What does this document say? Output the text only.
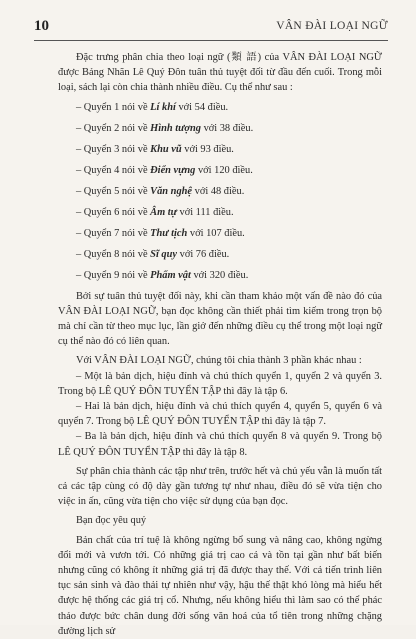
10	VÂN ĐÀI LOẠI NGỮ

Đặc trưng phân chia theo loại ngữ (類 語) của VÂN ĐÀI LOẠI NGỮ được Bảng Nhãn Lê Quý Đôn tuân thủ tuyệt đối từ đầu đến cuối. Trong mỗi loại, sách lại còn chia thành nhiều điều. Cụ thể như sau :

– Quyển 1 nói về Lí khí với 54 điều.

– Quyển 2 nói về Hình tượng với 38 điều.

– Quyển 3 nói về Khu vũ với 93 điều.

– Quyển 4 nói về Điển vựng với 120 điều.

– Quyển 5 nói về Văn nghệ với 48 điều.

– Quyển 6 nói về Âm tự với 111 điều.

– Quyển 7 nói về Thư tịch với 107 điều.

– Quyển 8 nói về Sĩ quy với 76 điều.

– Quyển 9 nói về Phẩm vật với 320 điều.

Bởi sự tuân thủ tuyệt đối này, khi cần tham khảo một vấn đề nào đó của VÂN ĐÀI LOẠI NGỮ, bạn đọc không cần thiết phải tìm kiếm trong trọn bộ mà chỉ cần từ theo mục lục, lần giở đến những điều cụ thể trong một loại ngữ cụ thể nào đó có liên quan.

Với VÂN ĐÀI LOẠI NGỮ, chúng tôi chia thành 3 phần khác nhau :

– Một là bản dịch, hiệu đính và chú thích quyển 1, quyển 2 và quyển 3. Trong bộ LÊ QUÝ ĐÔN TUYỂN TẬP thì đây là tập 6.

– Hai là bản dịch, hiệu đính và chú thích quyển 4, quyển 5, quyển 6 và quyển 7. Trong bộ LÊ QUÝ ĐÔN TUYỂN TẬP thì đây là tập 7.

– Ba là bản dịch, hiệu đính và chú thích quyển 8 và quyển 9. Trong bộ LÊ QUÝ ĐÔN TUYỂN TẬP thì đây là tập 8.

Sự phân chia thành các tập như trên, trước hết và chủ yếu vẫn là muốn tất cả các tập cùng có độ dày gần tương tự như nhau, điều đó sẽ vừa tiện cho việc in ấn, cũng vừa tiện cho việc sử dụng của bạn đọc.

Bạn đọc yêu quý

Bản chất của trí tuệ là không ngừng bổ sung và nâng cao, không ngừng đổi mới và vươn tới. Có những giá trị cao cả và tồn tại gần như bất biến nhưng cũng có không ít những giá trị đã được thay thế. Với cả tiến trình liên tục sản sinh và đào thải tự nhiên như vậy, hậu thế thật khó lòng mà hiểu hết được hệ thống các giá trị cổ. Nhưng, nếu không hiểu thì làm sao có thể phác thảo được bức chân dung đời sống văn hoá của tổ tiên trong những chặng đường lịch sử
